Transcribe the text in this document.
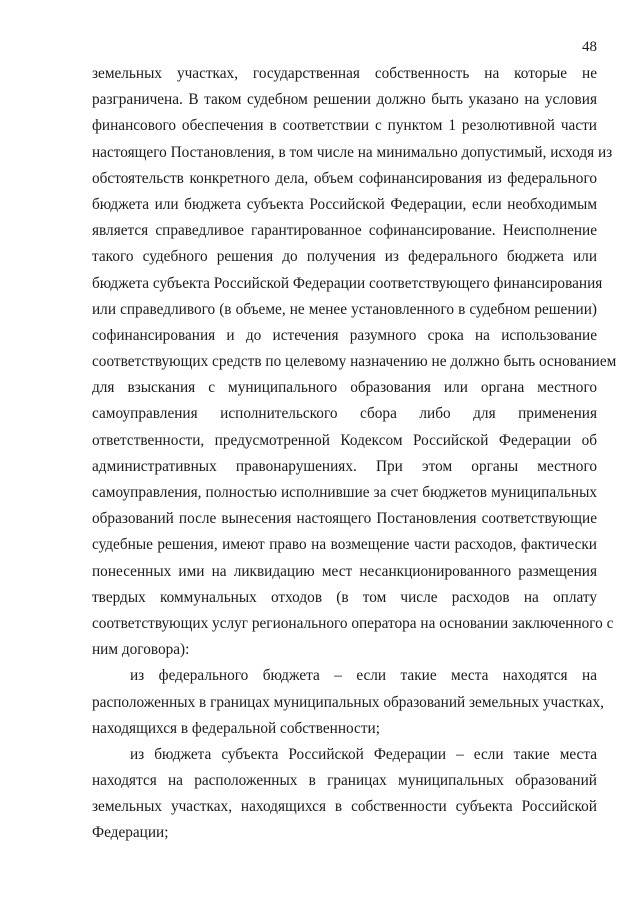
48
земельных участках, государственная собственность на которые не
разграничена. В таком судебном решении должно быть указано на условия
финансового обеспечения в соответствии с пунктом 1 резолютивной части
настоящего Постановления, в том числе на минимально допустимый, исходя из
обстоятельств конкретного дела, объем софинансирования из федерального
бюджета или бюджета субъекта Российской Федерации, если необходимым
является справедливое гарантированное софинансирование. Неисполнение
такого судебного решения до получения из федерального бюджета или
бюджета субъекта Российской Федерации соответствующего финансирования
или справедливого (в объеме, не менее установленного в судебном решении)
софинансирования и до истечения разумного срока на использование
соответствующих средств по целевому назначению не должно быть основанием
для взыскания с муниципального образования или органа местного
самоуправления исполнительского сбора либо для применения
ответственности, предусмотренной Кодексом Российской Федерации об
административных правонарушениях. При этом органы местного
самоуправления, полностью исполнившие за счет бюджетов муниципальных
образований после вынесения настоящего Постановления соответствующие
судебные решения, имеют право на возмещение части расходов, фактически
понесенных ими на ликвидацию мест несанкционированного размещения
твердых коммунальных отходов (в том числе расходов на оплату
соответствующих услуг регионального оператора на основании заключенного с
ним договора):
из федерального бюджета – если такие места находятся на
расположенных в границах муниципальных образований земельных участках,
находящихся в федеральной собственности;
из бюджета субъекта Российской Федерации – если такие места
находятся на расположенных в границах муниципальных образований
земельных участках, находящихся в собственности субъекта Российской
Федерации;
